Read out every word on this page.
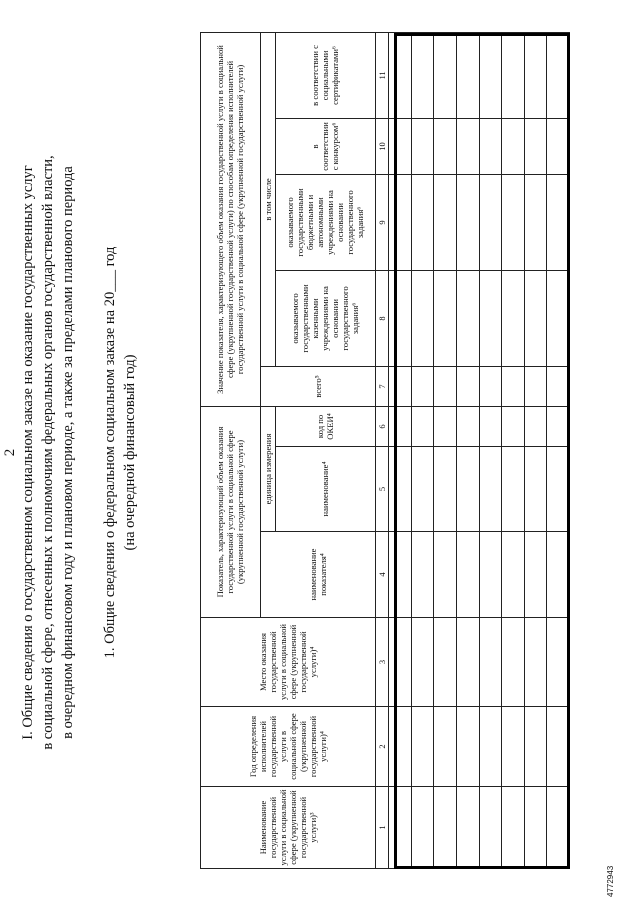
2 I. Общие сведения о государственном социальном заказе на оказание государственных услуг в социальной сфере, отнесенных к полномочиям федеральных органов государственной власти, в очередном финансовом году и плановом периоде, а также за пределами планового периода 1. Общие сведения о федеральном социальном заказе на 20___ год (на очередной финансовый год)
Наименование государственной услуги в социальной сфере (укрупненной государственной услуги)³	Год определения исполнителей государственной услуги в социальной сфере (укрупненной государственной услуги)⁴	Место оказания государственной услуги в социальной сфере (укрупненной государственной услуги)⁴	Показатель, характеризующий объем оказания государственной услуги в социальной сфере (укрупненной государственной услуги)			Значение показателя, характеризующего объем оказания государственной услуги в социальной сфере (укрупненной государственной услуги) по способам определения исполнителей государственной услуги в социальной сфере (укрупненной государственной услуги)				
			наименование показателя⁴	единица измерения		всего⁵	в том числе			
				наименование⁴	код по ОКЕИ⁴		оказываемого государственными казенными учреждениями на основании государственного задания⁶	оказываемого государственными бюджетными и автономными учреждениями на основании государственного задания⁶	в соответствии с конкурсом⁶	в соответствии с социальными сертификатами⁶
1	2	3	4	5	6	7	8	9	10	11

4772943
